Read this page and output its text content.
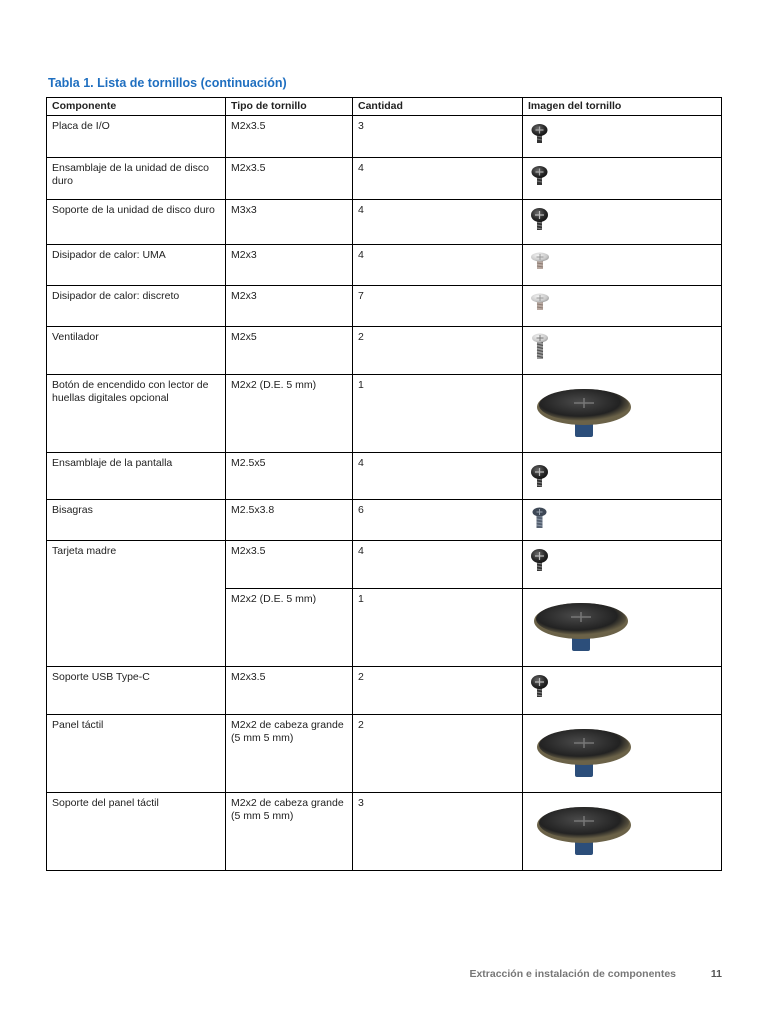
Tabla 1. Lista de tornillos (continuación)
Componente	Tipo de tornillo	Cantidad	Imagen del tornillo
Placa de I/O	M2x3.5	3	

Ensamblaje de la unidad de disco duro	M2x3.5	4	

Soporte de la unidad de disco duro	M3x3	4	

Disipador de calor: UMA	M2x3	4	

Disipador de calor: discreto	M2x3	7	

Ventilador	M2x5	2	

Botón de encendido con lector de huellas digitales opcional	M2x2 (D.E. 5 mm)	1	

Ensamblaje de la pantalla	M2.5x5	4	

Bisagras	M2.5x3.8	6	

Tarjeta madre	M2x3.5	4	

	M2x2 (D.E. 5 mm)	1	

Soporte USB Type-C	M2x3.5	2	

Panel táctil	M2x2 de cabeza grande (5 mm 5 mm)	2	

Soporte del panel táctil	M2x2 de cabeza grande (5 mm 5 mm)	3	
Extracción e instalación de componentes	11
